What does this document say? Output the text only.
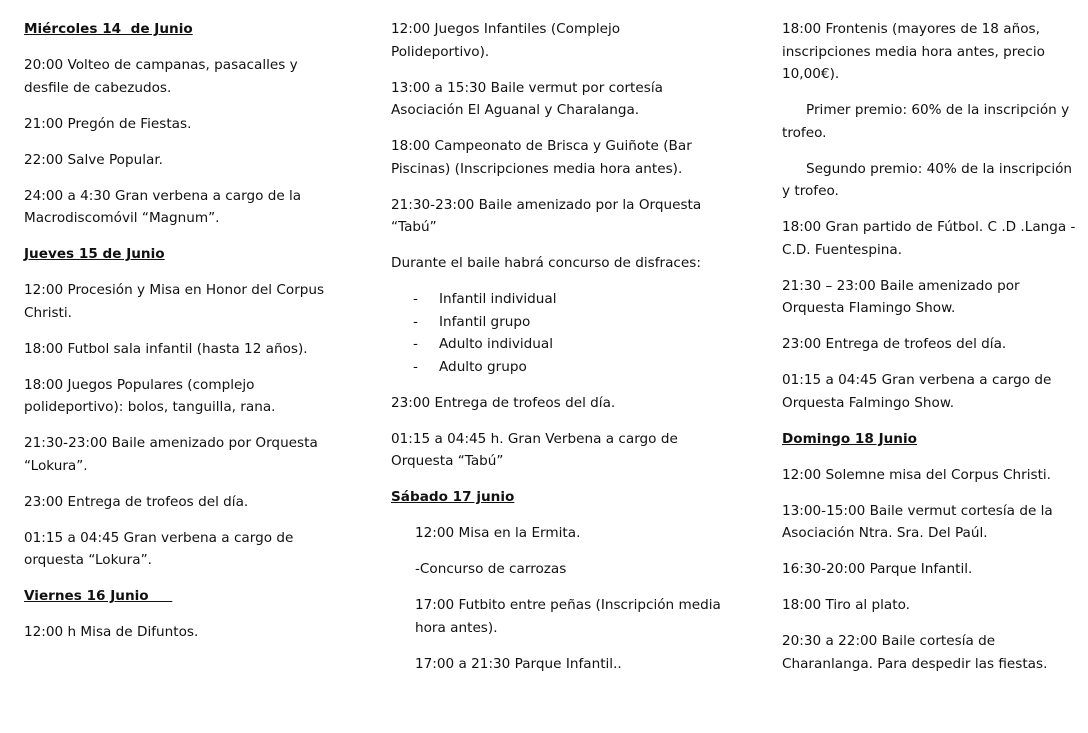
Miércoles 14  de Junio
20:00 Volteo de campanas, pasacalles y desfile de cabezudos.
21:00 Pregón de Fiestas.
22:00 Salve Popular.
24:00 a 4:30 Gran verbena a cargo de la Macrodiscomóvil “Magnum”.
Jueves 15 de Junio
12:00 Procesión y Misa en Honor del Corpus Christi.
18:00 Futbol sala infantil (hasta 12 años).
18:00 Juegos Populares (complejo polideportivo): bolos, tanguilla, rana.
21:30-23:00 Baile amenizado por Orquesta “Lokura”.
23:00 Entrega de trofeos del día.
01:15 a 04:45 Gran verbena a cargo de orquesta “Lokura”.
Viernes 16 Junio
12:00 h Misa de Difuntos.
12:00 Juegos Infantiles (Complejo Polideportivo).
13:00 a 15:30 Baile vermut por cortesía Asociación El Aguanal y Charalanga.
18:00 Campeonato de Brisca y Guiñote (Bar Piscinas) (Inscripciones media hora antes).
21:30-23:00 Baile amenizado por la Orquesta “Tabú”
Durante el baile habrá concurso de disfraces:
- Infantil individual
- Infantil grupo
- Adulto individual
- Adulto grupo
23:00 Entrega de trofeos del día.
01:15 a 04:45 h. Gran Verbena a cargo de Orquesta “Tabú”
Sábado 17 junio
12:00 Misa en la Ermita.
-Concurso de carrozas
17:00 Futbito entre peñas (Inscripción media hora antes).
17:00 a 21:30 Parque Infantil..
18:00 Frontenis (mayores de 18 años, inscripciones media hora antes, precio 10,00€).
Primer premio: 60% de la inscripción y trofeo.
Segundo premio: 40% de la inscripción y trofeo.
18:00 Gran partido de Fútbol. C .D .Langa - C.D. Fuentespina.
21:30 – 23:00 Baile amenizado por Orquesta Flamingo Show.
23:00 Entrega de trofeos del día.
01:15 a 04:45 Gran verbena a cargo de Orquesta Falmingo Show.
Domingo 18 Junio
12:00 Solemne misa del Corpus Christi.
13:00-15:00 Baile vermut cortesía de la Asociación Ntra. Sra. Del Paúl.
16:30-20:00 Parque Infantil.
18:00 Tiro al plato.
20:30 a 22:00 Baile cortesía de Charanlanga. Para despedir las fiestas.
